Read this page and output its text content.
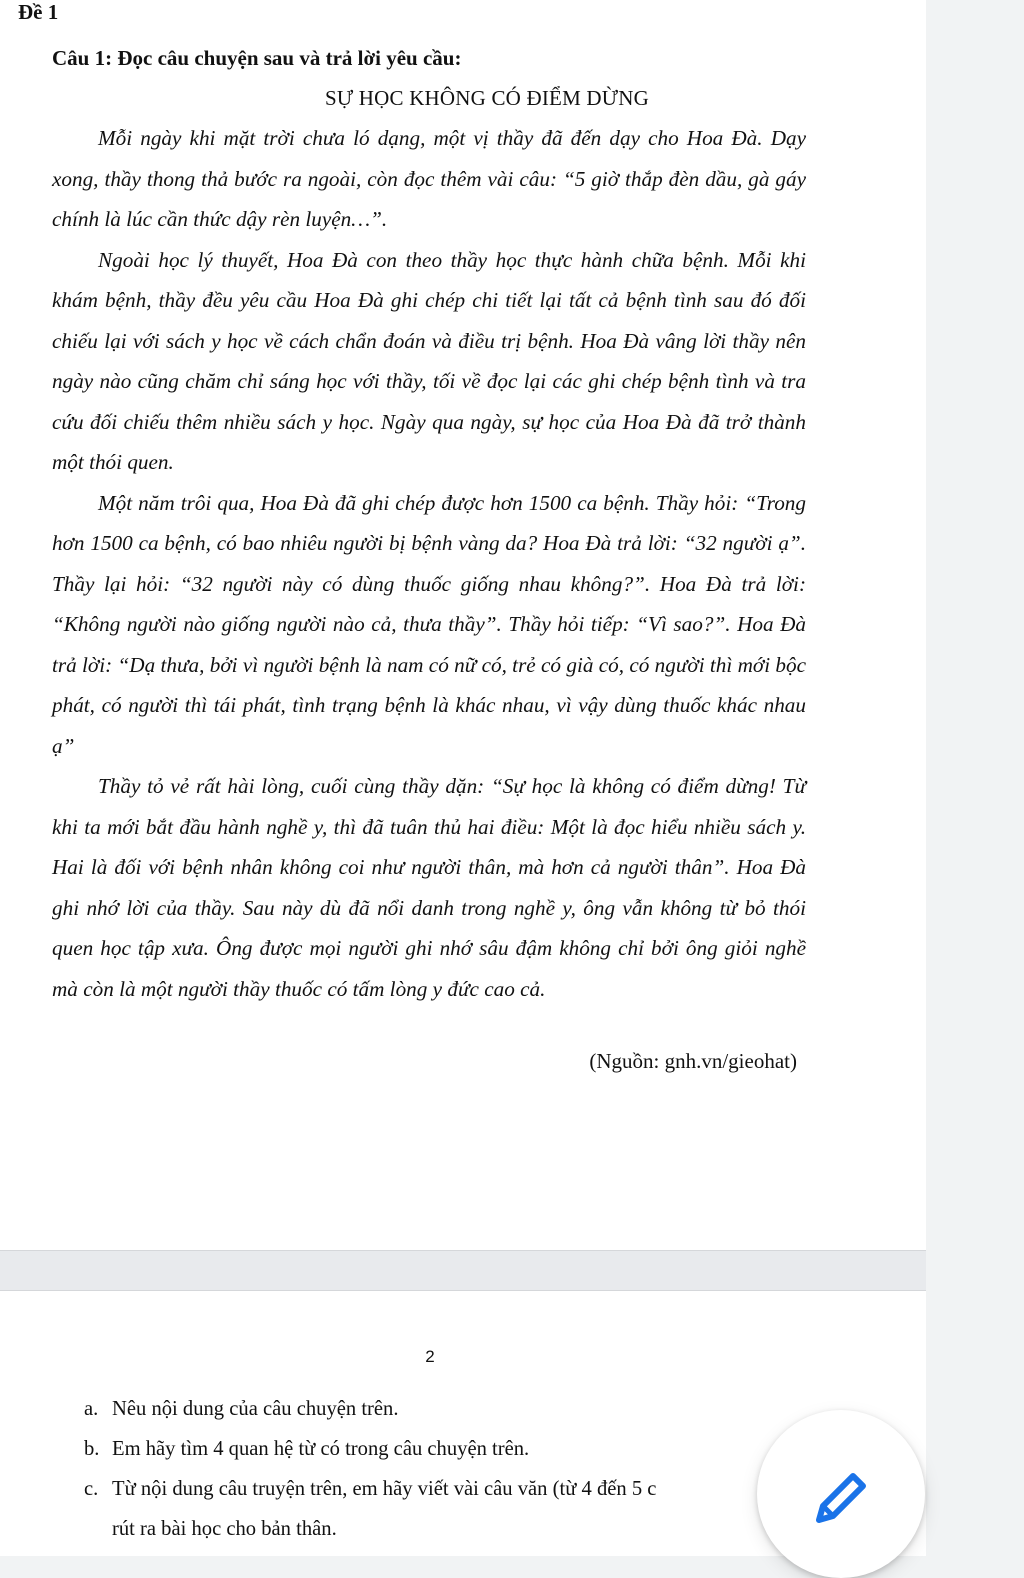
Đề 1
Câu 1: Đọc câu chuyện sau và trả lời yêu cầu:
SỰ HỌC KHÔNG CÓ ĐIỂM DỪNG

Mỗi ngày khi mặt trời chưa ló dạng, một vị thầy đã đến dạy cho Hoa Đà. Dạy xong, thầy thong thả bước ra ngoài, còn đọc thêm vài câu: “5 giờ thắp đèn dầu, gà gáy chính là lúc cần thức dậy rèn luyện…”.

Ngoài học lý thuyết, Hoa Đà con theo thầy học thực hành chữa bệnh. Mỗi khi khám bệnh, thầy đều yêu cầu Hoa Đà ghi chép chi tiết lại tất cả bệnh tình sau đó đối chiếu lại với sách y học về cách chẩn đoán và điều trị bệnh. Hoa Đà vâng lời thầy nên ngày nào cũng chăm chỉ sáng học với thầy, tối về đọc lại các ghi chép bệnh tình và tra cứu đối chiếu thêm nhiều sách y học. Ngày qua ngày, sự học của Hoa Đà đã trở thành một thói quen.

Một năm trôi qua, Hoa Đà đã ghi chép được hơn 1500 ca bệnh. Thầy hỏi: “Trong hơn 1500 ca bệnh, có bao nhiêu người bị bệnh vàng da? Hoa Đà trả lời: “32 người ạ”. Thầy lại hỏi: “32 người này có dùng thuốc giống nhau không?”. Hoa Đà trả lời: “Không người nào giống người nào cả, thưa thầy”. Thầy hỏi tiếp: “Vì sao?”. Hoa Đà trả lời: “Dạ thưa, bởi vì người bệnh là nam có nữ có, trẻ có già có, có người thì mới bộc phát, có người thì tái phát, tình trạng bệnh là khác nhau, vì vậy dùng thuốc khác nhau ạ”

Thầy tỏ vẻ rất hài lòng, cuối cùng thầy dặn: “Sự học là không có điểm dừng! Từ khi ta mới bắt đầu hành nghề y, thì đã tuân thủ hai điều: Một là đọc hiểu nhiều sách y. Hai là đối với bệnh nhân không coi như người thân, mà hơn cả người thân”. Hoa Đà ghi nhớ lời của thầy. Sau này dù đã nổi danh trong nghề y, ông vẫn không từ bỏ thói quen học tập xưa. Ông được mọi người ghi nhớ sâu đậm không chỉ bởi ông giỏi nghề mà còn là một người thầy thuốc có tấm lòng y đức cao cả.

(Nguồn: gnh.vn/gieohat)
2
a. Nêu nội dung của câu chuyện trên.
b. Em hãy tìm 4 quan hệ từ có trong câu chuyện trên.
c. Từ nội dung câu truyện trên, em hãy viết vài câu văn (từ 4 đến 5 c
rút ra bài học cho bản thân.
